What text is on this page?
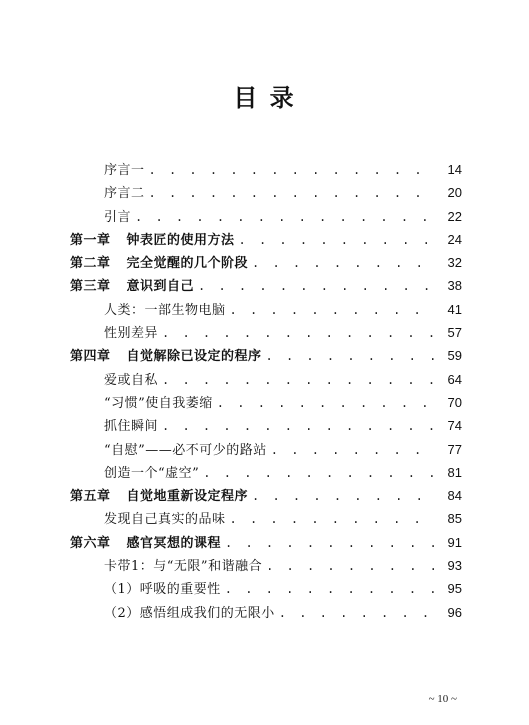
目 录
序言一 . . .	14
序言二 . . .	20
引言 . . .	22
第一章 钟表匠的使用方法 . . .	24
第二章 完全觉醒的几个阶段 . . .	32
第三章 意识到自己 . . .	38
人类：一部生物电脑 . . .	41
性别差异 . . .	57
第四章 自觉解除已设定的程序 . . .	59
爱或自私 . . .	64
“习惯”使自我萎缩 . . .	70
抓住瞬间 . . .	74
“自慰”——必不可少的路站 . . .	77
创造一个“虚空” . . .	81
第五章 自觉地重新设定程序 . . .	84
发现自己真实的品味 . . .	85
第六章 感官冥想的课程 . . .	91
卡带1：与“无限”和谐融合 . . .	93
（1）呼吸的重要性 . . .	95
（2）感悟组成我们的无限小 . . .	96
~ 10 ~
